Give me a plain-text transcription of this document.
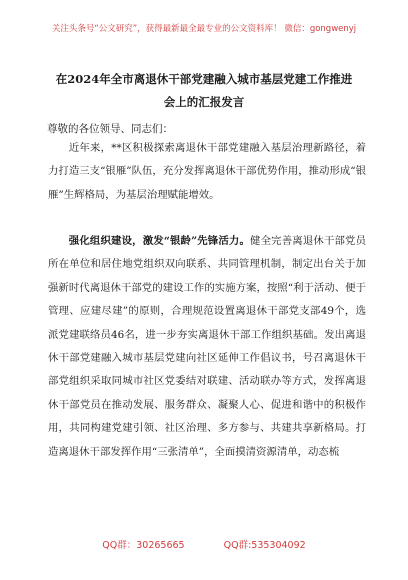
关注头条号“公文研究”，获得最新最全最专业的公文资料库！ 微信：gongwenyj
在2024年全市离退休干部党建融入城市基层党建工作推进
会上的汇报发言
尊敬的各位领导、同志们：

近年来，**区积极探索离退休干部党建融入基层治理新路径，着力打造三支“银雁”队伍，充分发挥离退休干部优势作用，推动形成“银雁”生辉格局，为基层治理赋能增效。

强化组织建设，激发“银龄”先锋活力。健全完善离退休干部党员所在单位和居住地党组织双向联系、共同管理机制，制定出台关于加强新时代离退休干部党的建设工作的实施方案，按照“利于活动、便于管理、应建尽建”的原则，合理规范设置离退休干部党支部49个，选派党建联络员46名，进一步夯实离退休干部工作组织基础。发出离退休干部党建融入城市基层党建向社区延伸工作倡议书，号召离退休干部党组织采取同城市社区党委结对联建、活动联办等方式，发挥离退休干部党员在推动发展、服务群众、凝聚人心、促进和谐中的积极作用，共同构建党建引领、社区治理、多方参与、共建共享新格局。打造离退休干部发挥作用“三张清单”，全面摸清资源清单，动态梳

QQ群：30265665	QQ群:535304092
